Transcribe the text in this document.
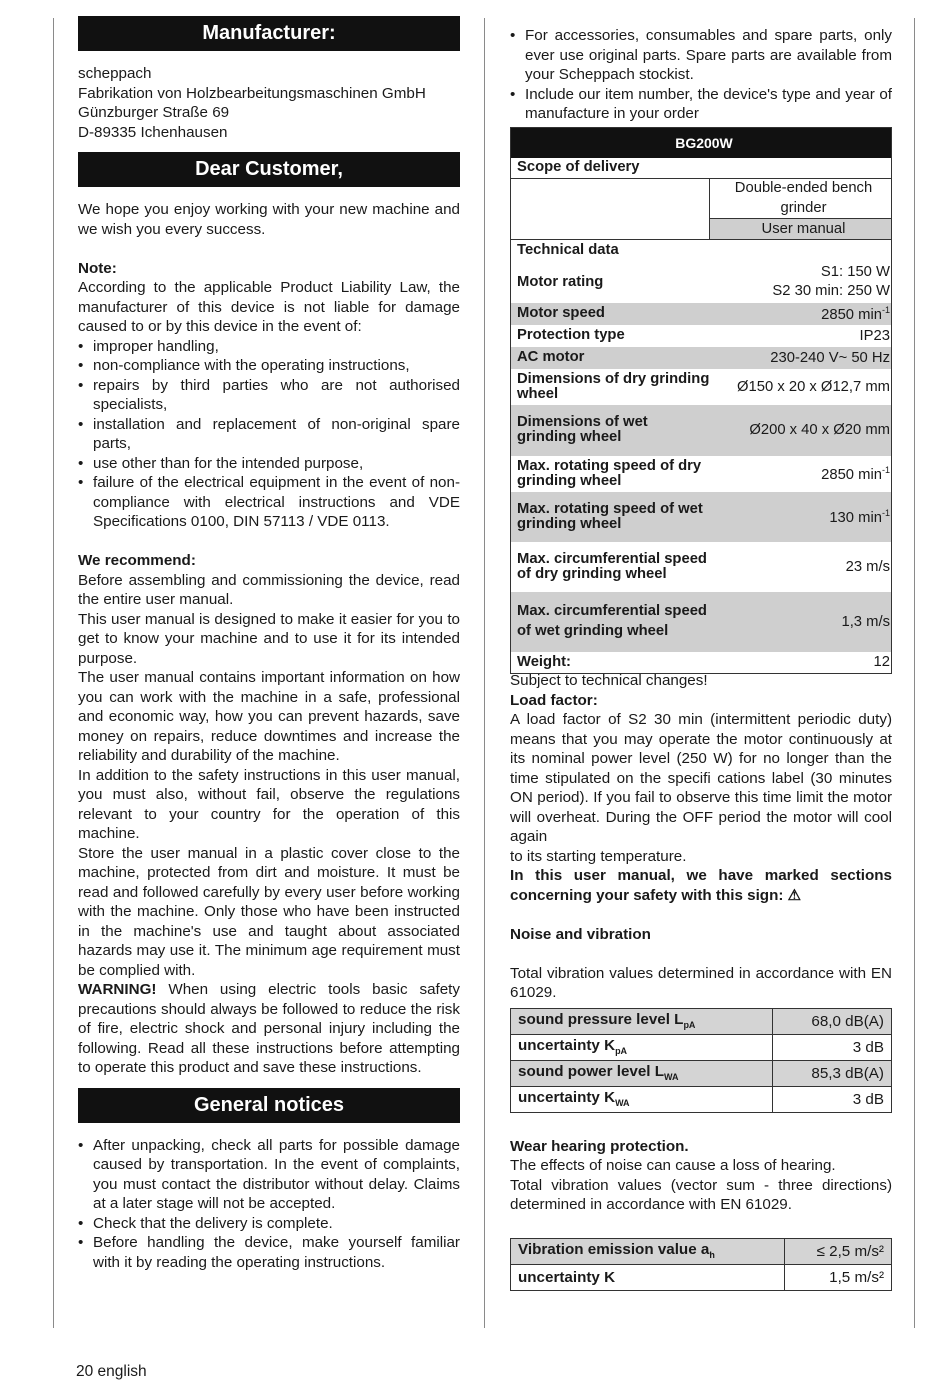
Manufacturer:

scheppach

Fabrikation von Holzbearbeitungsmaschinen GmbH

Günzburger Straße 69

D-89335 Ichenhausen

Dear Customer,

We hope you enjoy working with your new machine and we wish you every success.

Note:

According to the applicable Product Liability Law, the manufacturer of this device is not liable for damage caused to or by this device in the event of:

• improper handling,
• non-compliance with the operating instructions,
• repairs by third parties who are not authorised specialists,
• installation and replacement of non-original spare parts,
• use other than for the intended purpose,
• failure of the electrical equipment in the event of non-compliance with electrical instructions and VDE Specifications 0100, DIN 57113 / VDE 0113.

We recommend:

Before assembling and commissioning the device, read the entire user manual.

This user manual is designed to make it easier for you to get to know your machine and to use it for its intended purpose.

The user manual contains important information on how you can work with the machine in a safe, professional and economic way, how you can prevent hazards, save money on repairs, reduce downtimes and increase the reliability and durability of the machine.

In addition to the safety instructions in this user manual, you must also, without fail, observe the regulations relevant to your country for the operation of this machine.

Store the user manual in a plastic cover close to the machine, protected from dirt and moisture. It must be read and followed carefully by every user before working with the machine. Only those who have been instructed in the machine's use and taught about associated hazards may use it. The minimum age requirement must be complied with.

WARNING! When using electric tools basic safety precautions should always be followed to reduce the risk of fire, electric shock and personal injury including the following. Read all these instructions before attempting to operate this product and save these instructions.

General notices
• After unpacking, check all parts for possible damage caused by transportation. In the event of complaints, you must contact the distributor without delay. Claims at a later stage will not be accepted.
• Check that the delivery is complete.
• Before handling the device, make yourself familiar with it by reading the operating instructions.
• For accessories, consumables and spare parts, only ever use original parts. Spare parts are available from your Scheppach stockist.
• Include our item number, the device's type and year of manufacture in your order
BG200W	
Scope of delivery	
	Double-ended bench grinder
	User manual
Technical data	
Motor rating	S1: 150 W
S2 30 min: 250 W

Motor speed	2850 $\min^{-1}$
Protection type	IP23
AC motor	230-240 V~ 50 Hz
Dimensions of dry grinding wheel	Ø150 x 20 x Ø12,7 mm
Dimensions of wet grinding wheel	Ø200 x 40 x Ø20 mm
Max. rotating speed of dry grinding wheel	2850 $\min^{-1}$
Max. rotating speed of wet grinding wheel	130 $\min^{-1}$
Max. circumferential speed of dry grinding wheel	23 m/s
Max. circumferential speed of wet grinding wheel	1,3 m/s
Weight:	12

Subject to technical changes!

Load factor:

A load factor of S2 30 min (intermittent periodic duty) means that you may operate the motor continuously at its nominal power level (250 W) for no longer than the time stipulated on the specifi cations label (30 minutes ON period). If you fail to observe this time limit the motor will overheat. During the OFF period the motor will cool again

to its starting temperature.

In this user manual, we have marked sections concerning your safety with this sign: ⚠

Noise and vibration

Total vibration values determined in accordance with EN 61029.

sound pressure level $L_{pA}$	68,0 dB(A)
uncertainty $K_{pA}$	3 dB
sound power level $L_{WA}$	85,3 dB(A)
uncertainty $K_{WA}$	3 dB

Wear hearing protection.

The effects of noise can cause a loss of hearing.

Total vibration values (vector sum - three directions) determined in accordance with EN 61029.

Vibration emission value $a_h$	≤ 2,5 m/s²
uncertainty K	1,5 m/s²
20 english
